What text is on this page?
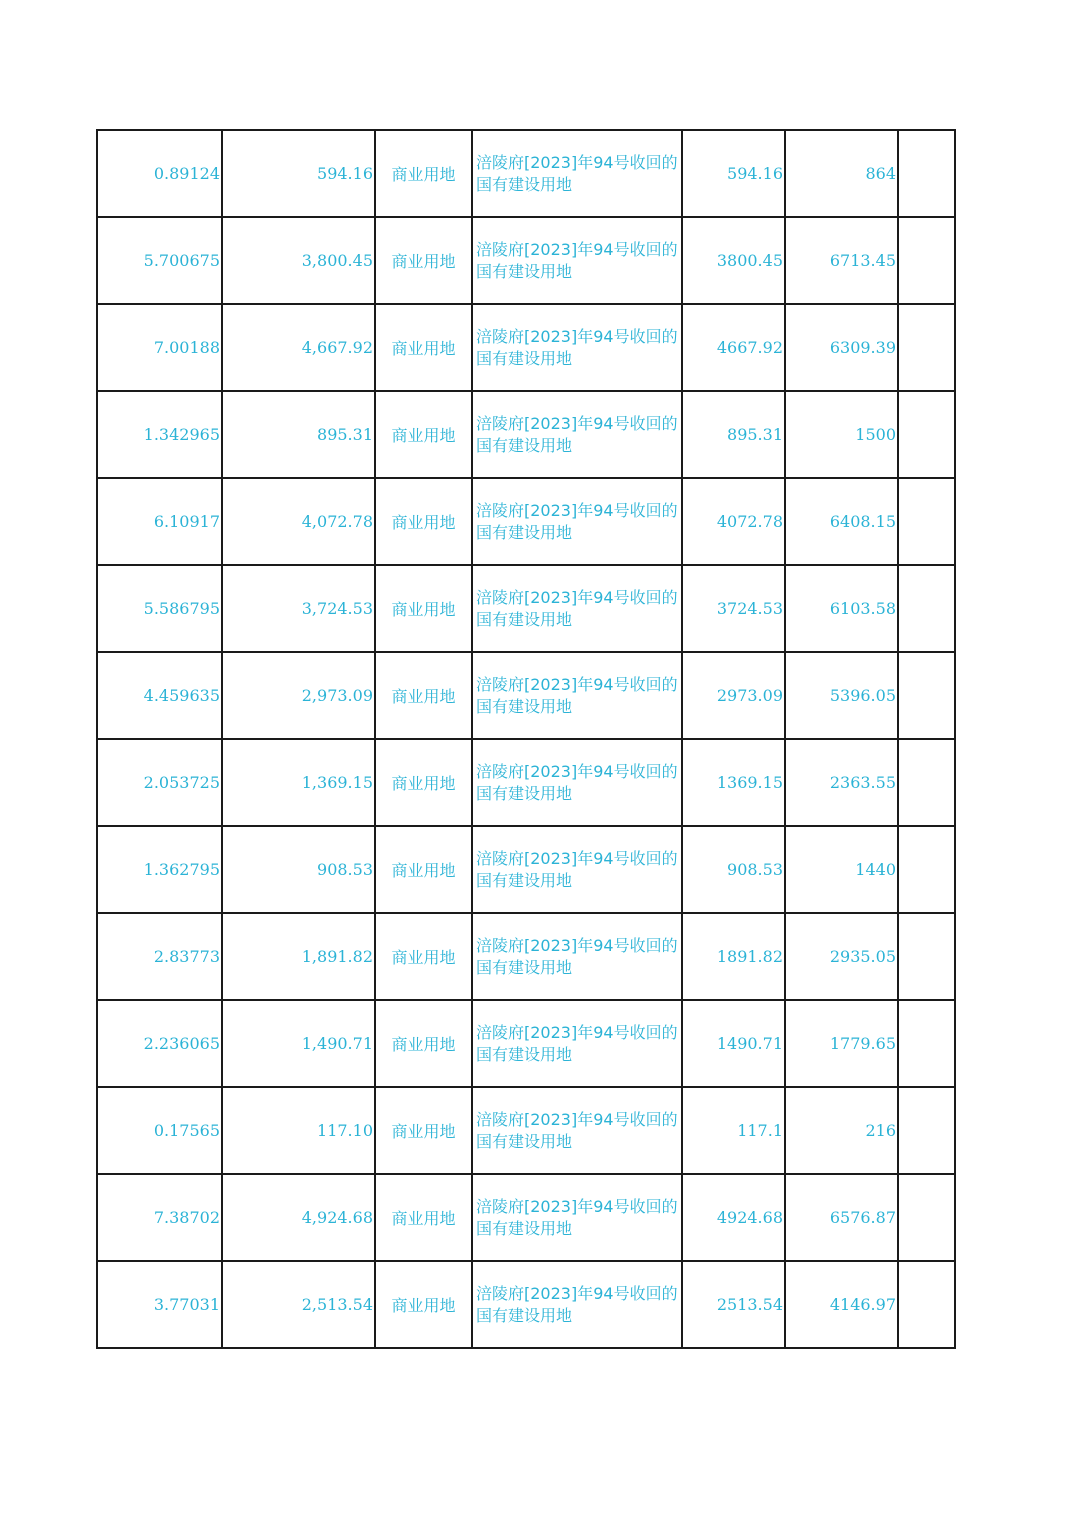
0.89124	594.16	商业用地	涪陵府[2023]年94号收回的国有建设用地	594.16	864	
5.700675	3,800.45	商业用地	涪陵府[2023]年94号收回的国有建设用地	3800.45	6713.45	
7.00188	4,667.92	商业用地	涪陵府[2023]年94号收回的国有建设用地	4667.92	6309.39	
1.342965	895.31	商业用地	涪陵府[2023]年94号收回的国有建设用地	895.31	1500	
6.10917	4,072.78	商业用地	涪陵府[2023]年94号收回的国有建设用地	4072.78	6408.15	
5.586795	3,724.53	商业用地	涪陵府[2023]年94号收回的国有建设用地	3724.53	6103.58	
4.459635	2,973.09	商业用地	涪陵府[2023]年94号收回的国有建设用地	2973.09	5396.05	
2.053725	1,369.15	商业用地	涪陵府[2023]年94号收回的国有建设用地	1369.15	2363.55	
1.362795	908.53	商业用地	涪陵府[2023]年94号收回的国有建设用地	908.53	1440	
2.83773	1,891.82	商业用地	涪陵府[2023]年94号收回的国有建设用地	1891.82	2935.05	
2.236065	1,490.71	商业用地	涪陵府[2023]年94号收回的国有建设用地	1490.71	1779.65	
0.17565	117.10	商业用地	涪陵府[2023]年94号收回的国有建设用地	117.1	216	
7.38702	4,924.68	商业用地	涪陵府[2023]年94号收回的国有建设用地	4924.68	6576.87	
3.77031	2,513.54	商业用地	涪陵府[2023]年94号收回的国有建设用地	2513.54	4146.97	
